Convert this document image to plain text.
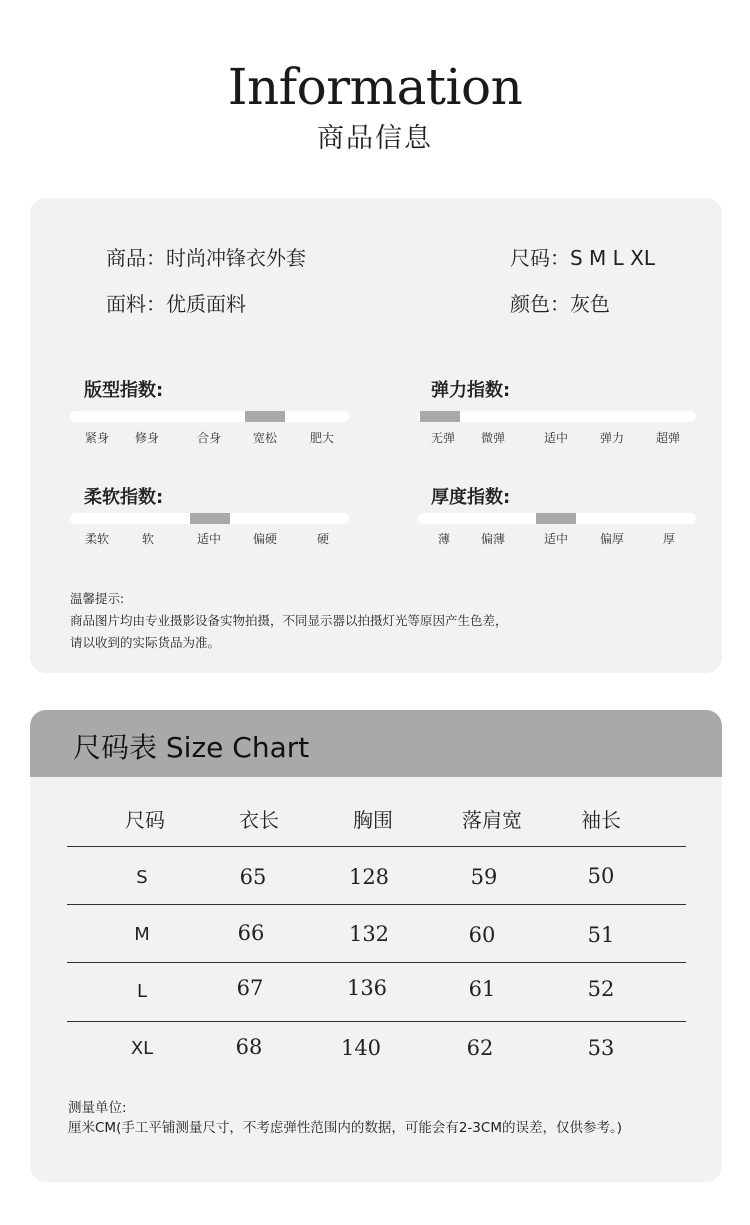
Information
商品信息
商品：时尚冲锋衣外套	尺码：S M L XL
面料：优质面料	颜色：灰色
版型指数:
紧身 修身	合身	宽松	肥大
弹力指数:
无弹 微弹	适中	弹力	超弹
柔软指数:
柔软	软	适中	偏硬	硬
厚度指数:
薄	偏薄	适中	偏厚	厚
温馨提示:
商品图片均由专业摄影设备实物拍摄，不同显示器以拍摄灯光等原因产生色差，
请以收到的实际货品为准。
尺码表 Size Chart
尺码	衣长	胸围	落肩宽	袖长
S	65	128	59	50
M	66	132	60	51
L	67	136	61	52
XL	68	140	62	53
测量单位:
厘米CM(手工平铺测量尺寸，不考虑弹性范围内的数据，可能会有2-3CM的误差，仅供参考。)
